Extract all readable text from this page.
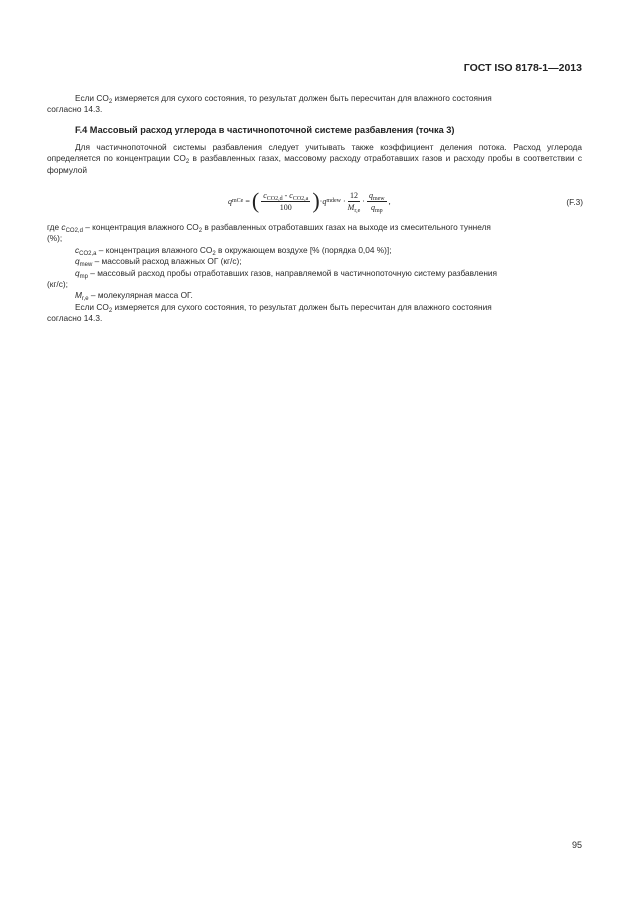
ГОСТ ISO 8178-1—2013

Если $CO_2$ измеряется для сухого состояния, то результат должен быть пересчитан для влажного состояния

согласно 14.3.

F.4 Массовый расход углерода в частичнопоточной системе разбавления (точка 3)

Для частичнопоточной системы разбавления следует учитывать также коэффициент деления потока. Расход углерода определяется по концентрации $CO_2$ в разбавленных газах, массовому расходу отработавших газов и расходу пробы в соответствии с формулой

q mCe = ( $\frac{c_{CO2,d} - c_{CO2,a}}{100}$ ) · q mdew · $\frac{12}{M_{r,e}} \cdot \frac{q_{mew}}{q_{mp}}$ ,	(F.3)

где $c_{CO2,d}$ – концентрация влажного $CO_2$ в разбавленных отработавших газах на выходе из смесительного туннеля

(%);

$c_{CO2,a}$ – концентрация влажного $CO_2$ в окружающем воздухе [% (порядка 0,04 %)];

$q_{mew}$ – массовый расход влажных ОГ (кг/с);

$q_{mp}$ – массовый расход пробы отработавших газов, направляемой в частичнопоточную систему разбавления

(кг/с);

$M_{r,e}$ – молекулярная масса ОГ.

Если $CO_2$ измеряется для сухого состояния, то результат должен быть пересчитан для влажного состояния

согласно 14.3.

95
